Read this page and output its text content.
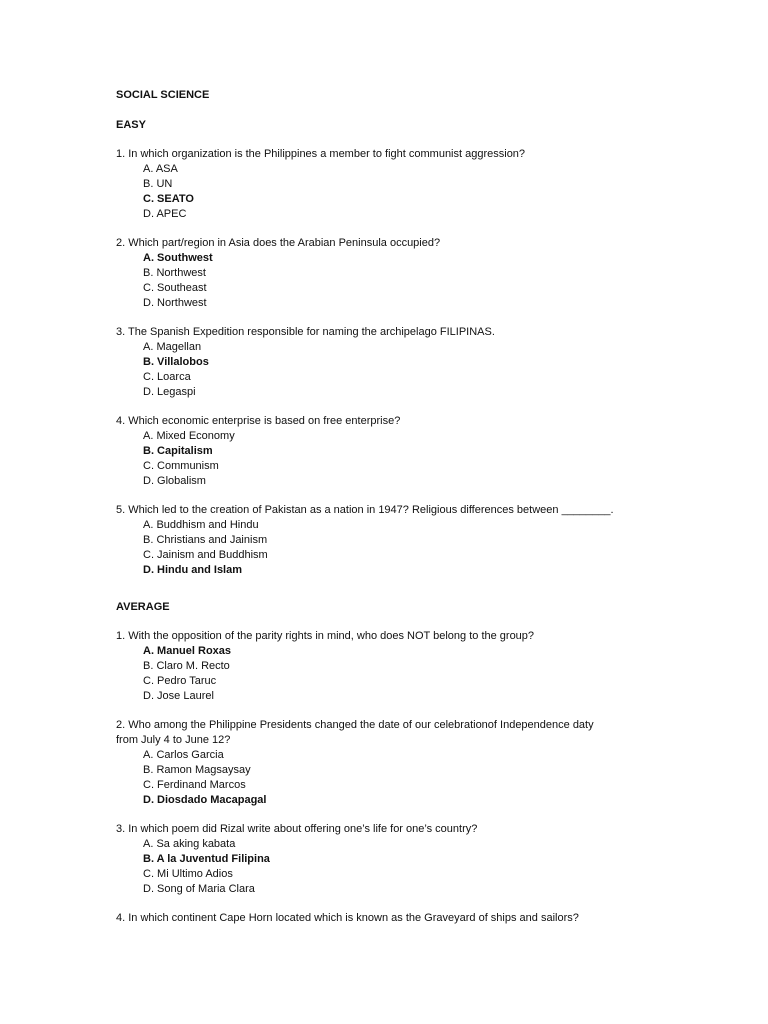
SOCIAL SCIENCE
EASY
1. In which organization is the Philippines a member to fight communist aggression?
A. ASA
B. UN
C. SEATO
D. APEC
2. Which part/region in Asia does the Arabian Peninsula occupied?
A. Southwest
B. Northwest
C. Southeast
D. Northwest
3. The Spanish Expedition responsible for naming the archipelago FILIPINAS.
A. Magellan
B. Villalobos
C. Loarca
D. Legaspi
4. Which economic enterprise is based on free enterprise?
A. Mixed Economy
B. Capitalism
C. Communism
D. Globalism
5. Which led to the creation of Pakistan as a nation in 1947? Religious differences between ________.
A. Buddhism and Hindu
B. Christians and Jainism
C. Jainism and Buddhism
D. Hindu and Islam
AVERAGE
1. With the opposition of the parity rights in mind, who does NOT belong to the group?
A. Manuel Roxas
B. Claro M. Recto
C. Pedro Taruc
D. Jose Laurel
2. Who among the Philippine Presidents changed the date of our celebrationof Independence daty
from July 4 to June 12?
A. Carlos Garcia
B. Ramon Magsaysay
C. Ferdinand Marcos
D. Diosdado Macapagal
3. In which poem did Rizal write about offering one’s life for one’s country?
A. Sa aking kabata
B. A la Juventud Filipina
C. Mi Ultimo Adios
D. Song of Maria Clara
4. In which continent Cape Horn located which is known as the Graveyard of ships and sailors?
